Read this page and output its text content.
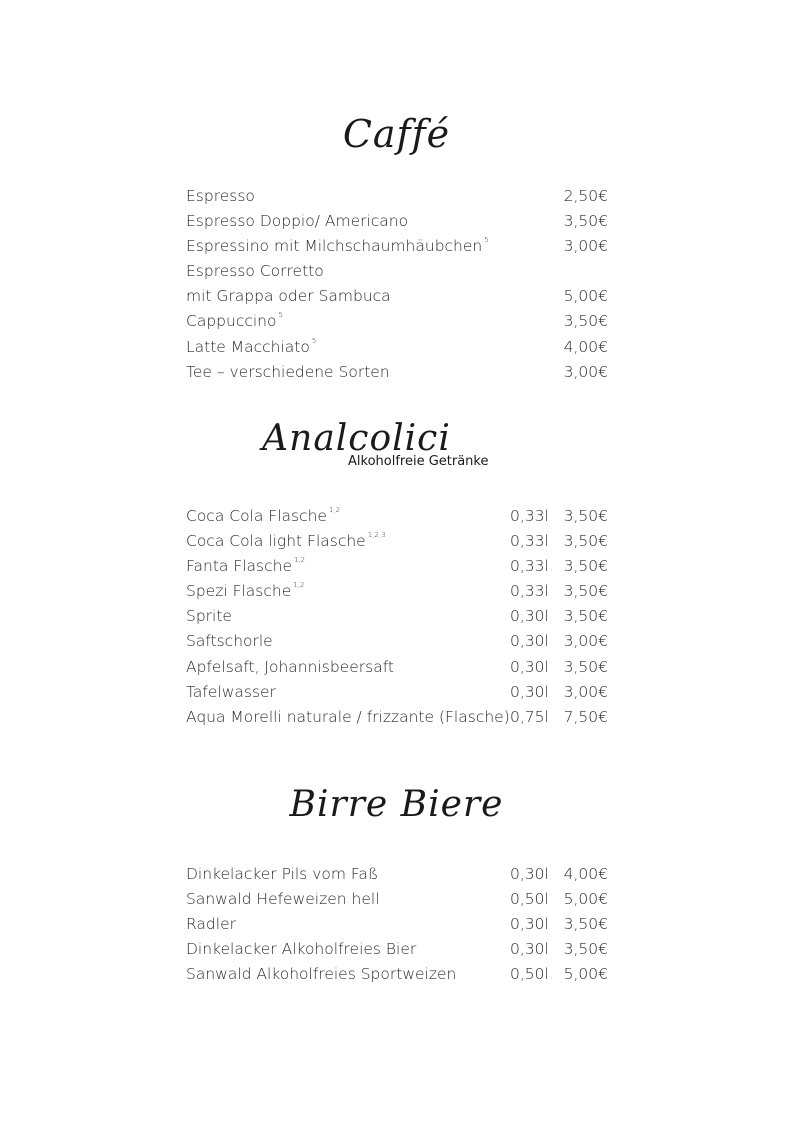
Caffé
Espresso	2,50€
Espresso Doppio/ Americano	3,50€
Espressino mit Milchschaumhäubchen $^5$	3,00€
Espresso Corretto
mit Grappa oder Sambuca	5,00€
Cappuccino $^5$	3,50€
Latte Macchiato $^5$	4,00€
Tee – verschiedene Sorten	3,00€
Analcolici
Alkoholfreie Getränke
Coca Cola Flasche $^{1,2}$	0,33l 3,50€
Coca Cola light Flasche $^{1,2,3}$	0,33l 3,50€
Fanta Flasche $^{1,2}$	0,33l 3,50€
Spezi Flasche $^{1,2}$	0,33l 3,50€
Sprite	0,30l 3,50€
Saftschorle	0,30l 3,00€
Apfelsaft, Johannisbeersaft	0,30l 3,50€
Tafelwasser	0,30l 3,00€
Aqua Morelli naturale / frizzante (Flasche) 0,75l 7,50€
Birre Biere
Dinkelacker Pils vom Faß	0,30l 4,00€
Sanwald Hefeweizen hell	0,50l 5,00€
Radler	0,30l 3,50€
Dinkelacker Alkoholfreies Bier	0,30l 3,50€
Sanwald Alkoholfreies Sportweizen	0,50l 5,00€
